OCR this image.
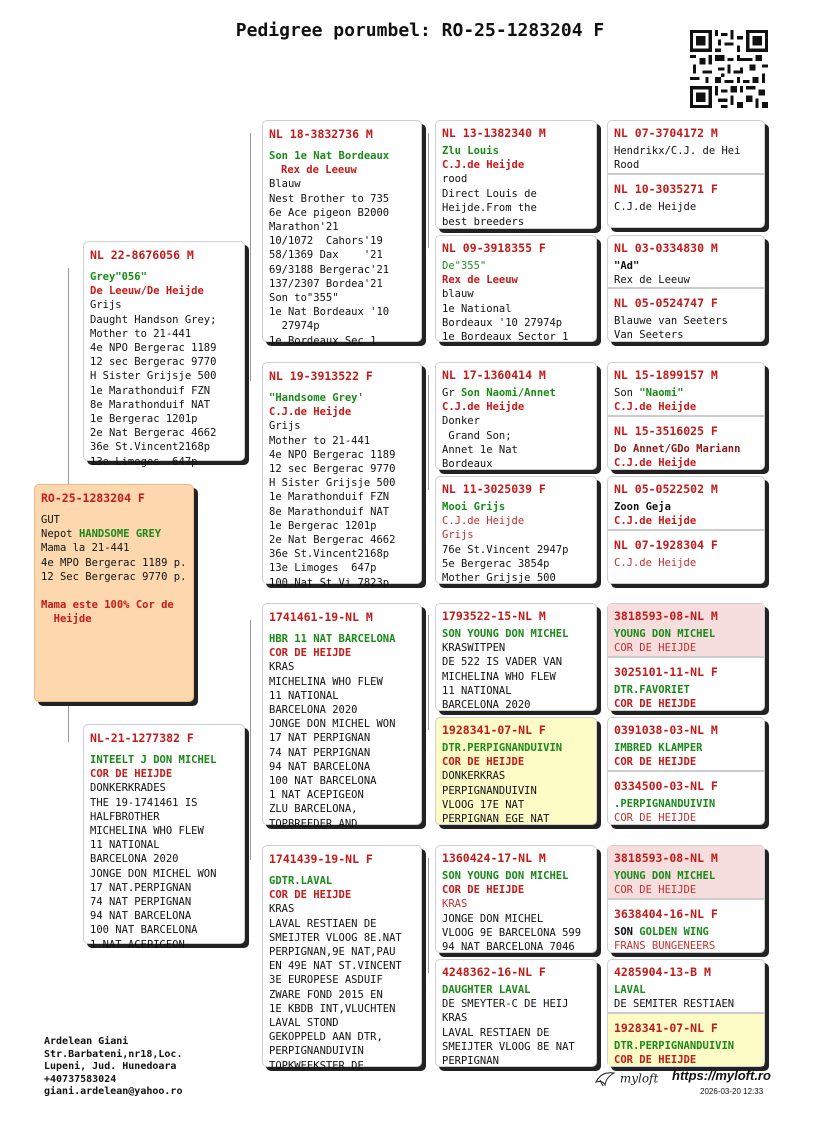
Pedigree porumbel: RO-25-1283204 F
RO-25-1283204 F
GUT
Nepot HANDSOME GREY
Mama la 21-441
4e MPO Bergerac 1189 p.
12 Sec Bergerac 9770 p.
Mama este 100% Cor de
Heijde
NL 22-8676056 M
Grey"056"
De Leeuw/De Heijde
Grijs
Daught Handson Grey;
Mother to 21-441
4e NPO Bergerac 1189
12 sec Bergerac 9770
H Sister Grijsje 500
1e Marathonduif FZN
8e Marathonduif NAT
1e Bergerac 1201p
2e Nat Bergerac 4662
36e St.Vincent2168p
13e Limoges  647p
NL-21-1277382 F
INTEELT J DON MICHEL
COR DE HEIJDE
DONKERKRADES
THE 19-1741461 IS
HALFBROTHER
MICHELINA WHO FLEW
11 NATIONAL
BARCELONA 2020
JONGE DON MICHEL WON
17 NAT.PERPIGNAN
74 NAT PERPIGNAN
94 NAT BARCELONA
100 NAT BARCELONA
1 NAT ACEPIGEON
NL 18-3832736 M
Son 1e Nat Bordeaux
Rex de Leeuw
Blauw
Nest Brother to 735
6e Ace pigeon B2000
Marathon'21
10/1072  Cahors'19
58/1369 Dax    '21
69/3188 Bergerac'21
137/2307 Bordea'21
Son to"355"
1e Nat Bordeaux '10
27974p
1e Bordeaux Sec 1
NL 19-3913522 F
"Handsome Grey'
C.J.de Heijde
Grijs
Mother to 21-441
4e NPO Bergerac 1189
12 sec Bergerac 9770
H Sister Grijsje 500
1e Marathonduif FZN
8e Marathonduif NAT
1e Bergerac 1201p
2e Nat Bergerac 4662
36e St.Vincent2168p
13e Limoges  647p
100 Nat St Vi 7823p
1741461-19-NL M
HBR 11 NAT BARCELONA
COR DE HEIJDE
KRAS
MICHELINA WHO FLEW
11 NATIONAL
BARCELONA 2020
JONGE DON MICHEL WON
17 NAT PERPIGNAN
74 NAT PERPIGNAN
94 NAT BARCELONA
100 NAT BARCELONA
1 NAT ACEPIGEON
ZLU BARCELONA,
TOPBREEDER AND
1741439-19-NL F
GDTR.LAVAL
COR DE HEIJDE
KRAS
LAVAL RESTIAEN DE
SMEIJTER VLOOG 8E.NAT
PERPIGNAN,9E NAT,PAU
EN 49E NAT ST.VINCENT
3E EUROPESE ASDUIF
ZWARE FOND 2015 EN
1E KBDB INT,VLUCHTEN
LAVAL STOND
GEKOPPELD AAN DTR,
PERPIGNANDUIVIN
TOPKWEEKSTER DE
NL 13-1382340 M
Zlu Louis
C.J.de Heijde
rood
Direct Louis de
Heijde.From the
best breeders
NL 09-3918355 F
De"355"
Rex de Leeuw
blauw
1e National
Bordeaux '10 27974p
1e Bordeaux Sector 1
NL 17-1360414 M
Gr Son Naomi/Annet
C.J.de Heijde
Donker
Grand Son;
Annet 1e Nat
Bordeaux
NL 11-3025039 F
Mooi Grijs
C.J.de Heijde
Grijs
76e St.Vincent 2947p
5e Bergerac 3854p
Mother Grijsje 500
1793522-15-NL M
SON YOUNG DON MICHEL
KRASWITPEN
DE 522 IS VADER VAN
MICHELINA WHO FLEW
11 NATIONAL
BARCELONA 2020
1928341-07-NL F
DTR.PERPIGNANDUIVIN
COR DE HEIJDE
DONKERKRAS
PERPIGNANDUIVIN
VLOOG 17E NAT
PERPIGNAN EGE NAT
1360424-17-NL M
SON YOUNG DON MICHEL
COR DE HEIJDE
KRAS
JONGE DON MICHEL
VLOOG 9E BARCELONA 599
94 NAT BARCELONA 7046
4248362-16-NL F
DAUGHTER LAVAL
DE SMEYTER-C DE HEIJ
KRAS
LAVAL RESTIAEN DE
SMEIJTER VLOOG 8E NAT
PERPIGNAN
NL 07-3704172 M
Hendrikx/C.J. de Hei
Rood
NL 10-3035271 F
C.J.de Heijde
NL 03-0334830 M
"Ad"
Rex de Leeuw
NL 05-0524747 F
Blauwe van Seeters
Van Seeters
NL 15-1899157 M
Son "Naomi"
C.J.de Heijde
NL 15-3516025 F
Do Annet/GDo Mariann
C.J.de Heijde
NL 05-0522502 M
Zoon Geja
C.J.de Heijde
NL 07-1928304 F
C.J.de Heijde
3818593-08-NL M
YOUNG DON MICHEL
COR DE HEIJDE
3025101-11-NL F
DTR.FAVORIET
COR DE HEIJDE
0391038-03-NL M
IMBRED KLAMPER
COR DE HEIJDE
0334500-03-NL F
.PERPIGNANDUIVIN
COR DE HEIJDE
3818593-08-NL M
YOUNG DON MICHEL
COR DE HEIJDE
3638404-16-NL F
SON GOLDEN WING
FRANS BUNGENEERS
4285904-13-B M
LAVAL
DE SEMITER RESTIAEN
1928341-07-NL F
DTR.PERPIGNANDUIVIN
COR DE HEIJDE
Ardelean Giani
Str.Barbateni,nr18,Loc.
Lupeni, Jud. Hunedoara
+40737583024
giani.ardelean@yahoo.ro
myloft https://myloft.ro
2026-03-20 12:33
